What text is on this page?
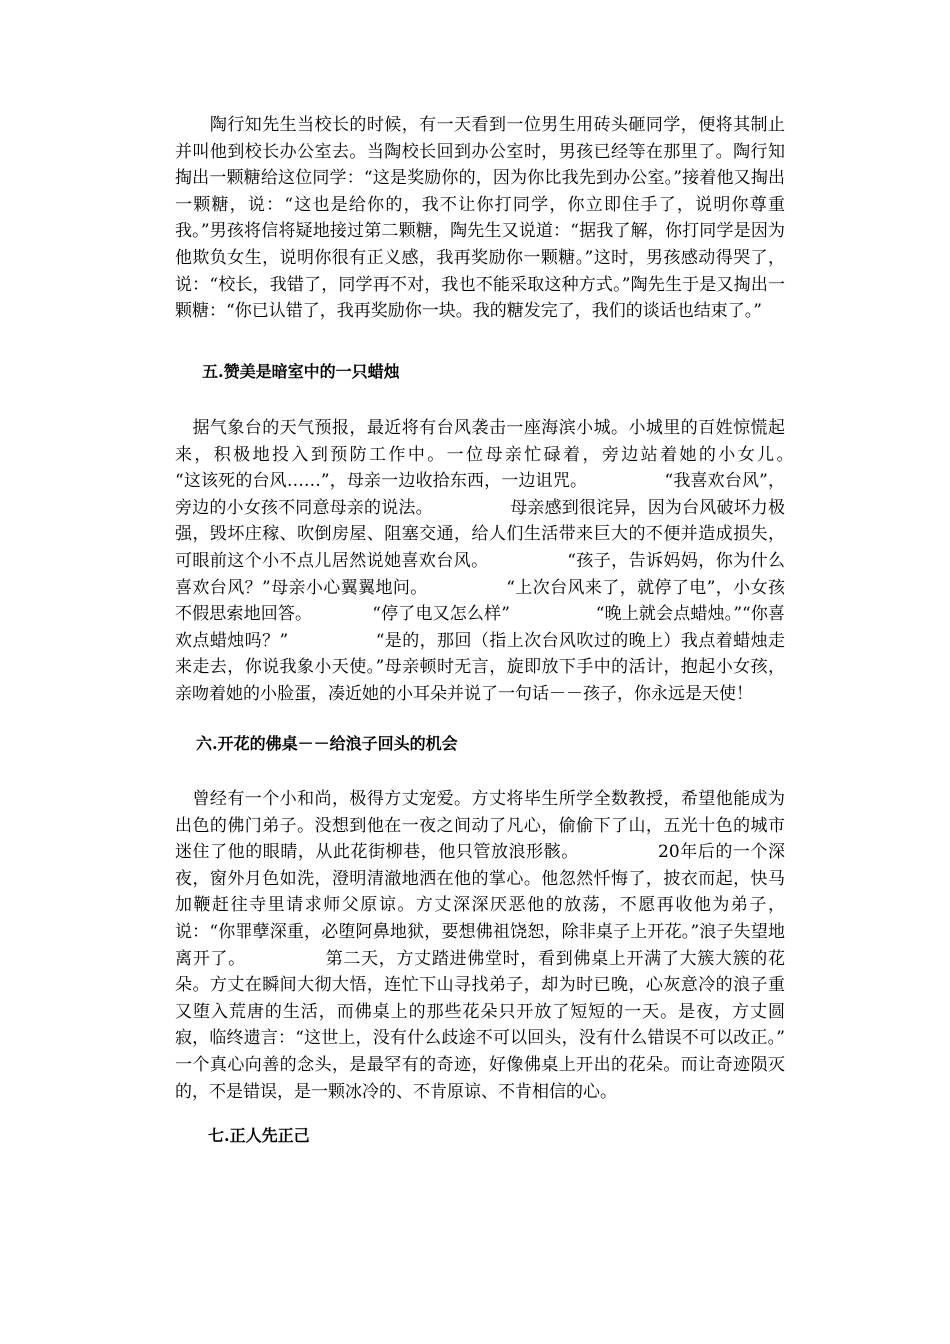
　　陶行知先生当校长的时候，有一天看到一位男生用砖头砸同学，便将其制止并叫他到校长办公室去。当陶校长回到办公室时，男孩已经等在那里了。陶行知掏出一颗糖给这位同学：“这是奖励你的，因为你比我先到办公室。”接着他又掏出一颗糖，说：“这也是给你的，我不让你打同学，你立即住手了，说明你尊重我。”男孩将信将疑地接过第二颗糖，陶先生又说道：“据我了解，你打同学是因为他欺负女生，说明你很有正义感，我再奖励你一颗糖。”这时，男孩感动得哭了，说：“校长，我错了，同学再不对，我也不能采取这种方式。”陶先生于是又掏出一颗糖：“你已认错了，我再奖励你一块。我的糖发完了，我们的谈话也结束了。”

五.赞美是暗室中的一只蜡烛

　据气象台的天气预报，最近将有台风袭击一座海滨小城。小城里的百姓惊慌起来，积极地投入到预防工作中。一位母亲忙碌着，旁边站着她的小女儿。　　　　　“这该死的台风……”，母亲一边收拾东西，一边诅咒。　　　　　“我喜欢台风”，旁边的小女孩不同意母亲的说法。　　　　　母亲感到很诧异，因为台风破坏力极强，毁坏庄稼、吹倒房屋、阻塞交通，给人们生活带来巨大的不便并造成损失，可眼前这个小不点儿居然说她喜欢台风。　　　　　“孩子，告诉妈妈，你为什么喜欢台风？”母亲小心翼翼地问。　　　　　“上次台风来了，就停了电”，小女孩不假思索地回答。　　　　“停了电又怎么样”　　　　　“晚上就会点蜡烛。”“你喜欢点蜡烛吗？”　　　　　“是的，那回（指上次台风吹过的晚上）我点着蜡烛走来走去，你说我象小天使。”母亲顿时无言，旋即放下手中的活计，抱起小女孩，亲吻着她的小脸蛋，凑近她的小耳朵并说了一句话－－孩子，你永远是天使！

六.开花的佛桌－－给浪子回头的机会

　曾经有一个小和尚，极得方丈宠爱。方丈将毕生所学全数教授，希望他能成为出色的佛门弟子。没想到他在一夜之间动了凡心，偷偷下了山，五光十色的城市迷住了他的眼睛，从此花街柳巷，他只管放浪形骸。　　　　　20年后的一个深夜，窗外月色如洗，澄明清澈地洒在他的掌心。他忽然忏悔了，披衣而起，快马加鞭赶往寺里请求师父原谅。方丈深深厌恶他的放荡，不愿再收他为弟子，说：“你罪孽深重，必堕阿鼻地狱，要想佛祖饶恕，除非桌子上开花。”浪子失望地离开了。　　　　　第二天，方丈踏进佛堂时，看到佛桌上开满了大簇大簇的花朵。方丈在瞬间大彻大悟，连忙下山寻找弟子，却为时已晚，心灰意冷的浪子重又堕入荒唐的生活，而佛桌上的那些花朵只开放了短短的一天。是夜，方丈圆寂，临终遗言：“这世上，没有什么歧途不可以回头，没有什么错误不可以改正。”　　　　　一个真心向善的念头，是最罕有的奇迹，好像佛桌上开出的花朵。而让奇迹陨灭的，不是错误，是一颗冰冷的、不肯原谅、不肯相信的心。

七.正人先正己
